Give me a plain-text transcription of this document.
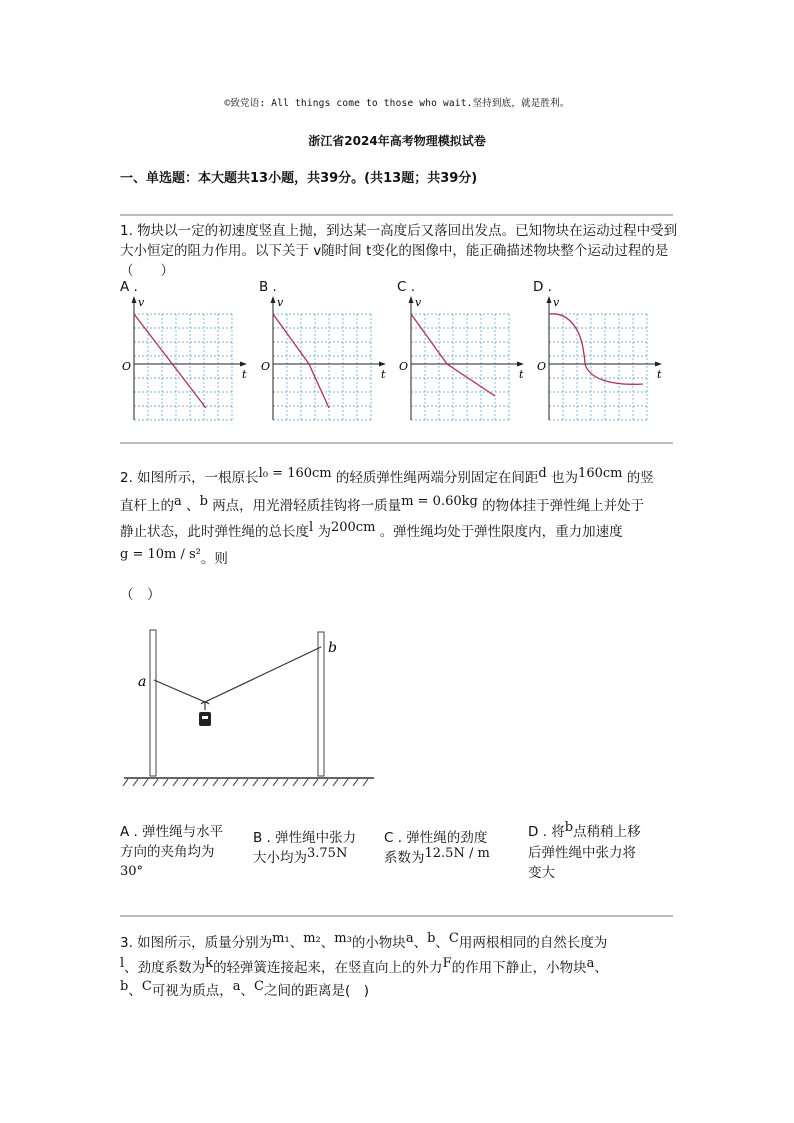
©致党语: All things come to those who wait.坚持到底，就是胜利。
浙江省2024年高考物理模拟试卷
一、单选题：本大题共13小题，共39分。(共13题；共39分)
1. 物块以一定的初速度竖直上抛，到达某一高度后又落回出发点。已知物块在运动过程中受到大小恒定的阻力作用。以下关于 v随时间 t变化的图像中，能正确描述物块整个运动过程的是（　　）
A .	B .	C .	D .
v
t
O
v
t
O
v
t
O
v
t
O
2. 如图所示，一根原长l₀ = 160cm 的轻质弹性绳两端分别固定在间距d 也为160cm 的竖
直杆上的a 、b 两点，用光滑轻质挂钩将一质量m = 0.60kg 的物体挂于弹性绳上并处于
静止状态，此时弹性绳的总长度l 为200cm 。弹性绳均处于弹性限度内，重力加速度
g = 10m / s²。则
（　）
a
b
A . 弹性绳与水平
方向的夹角均为
30°
B . 弹性绳中张力
大小均为3.75N
C . 弹性绳的劲度
系数为12.5N / m
D . 将b点稍稍上移
后弹性绳中张力将
变大
3. 如图所示，质量分别为m₁、m₂、m₃的小物块a、b、C用两根相同的自然长度为
l、劲度系数为k的轻弹簧连接起来，在竖直向上的外力F的作用下静止，小物块a、
b、C可视为质点，a、C之间的距离是(　)
